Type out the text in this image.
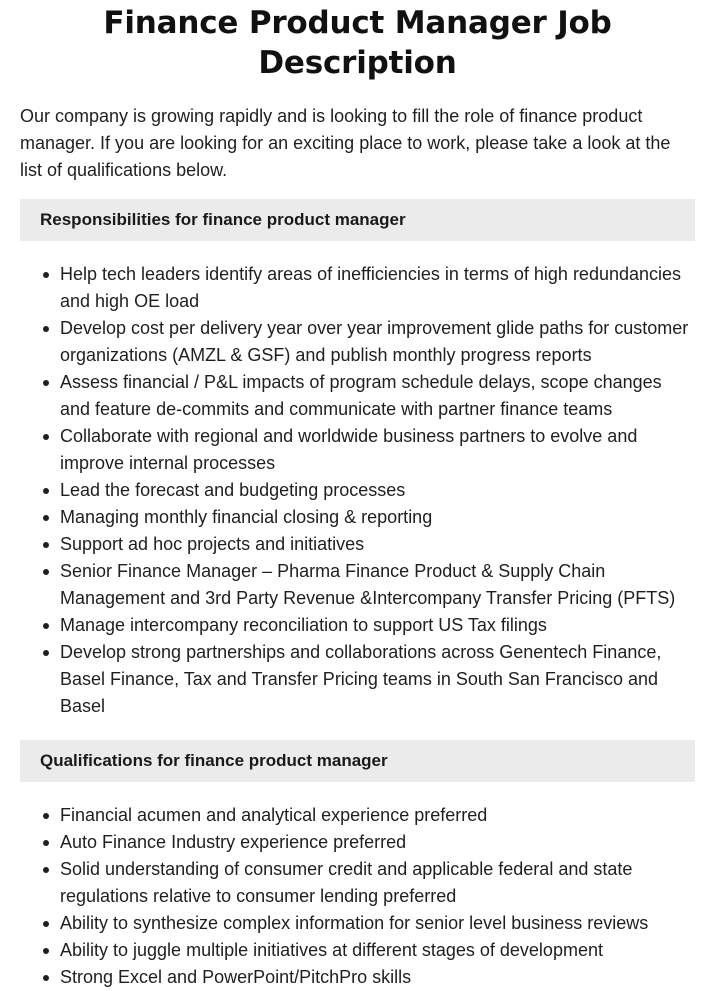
Finance Product Manager Job Description

Our company is growing rapidly and is looking to fill the role of finance product manager. If you are looking for an exciting place to work, please take a look at the list of qualifications below.

Responsibilities for finance product manager
Help tech leaders identify areas of inefficiencies in terms of high redundancies and high OE load
Develop cost per delivery year over year improvement glide paths for customer organizations (AMZL & GSF) and publish monthly progress reports
Assess financial / P&L impacts of program schedule delays, scope changes and feature de-commits and communicate with partner finance teams
Collaborate with regional and worldwide business partners to evolve and improve internal processes
Lead the forecast and budgeting processes
Managing monthly financial closing & reporting
Support ad hoc projects and initiatives
Senior Finance Manager – Pharma Finance Product & Supply Chain Management and 3rd Party Revenue &Intercompany Transfer Pricing (PFTS)
Manage intercompany reconciliation to support US Tax filings
Develop strong partnerships and collaborations across Genentech Finance, Basel Finance, Tax and Transfer Pricing teams in South San Francisco and Basel
Qualifications for finance product manager
Financial acumen and analytical experience preferred
Auto Finance Industry experience preferred
Solid understanding of consumer credit and applicable federal and state regulations relative to consumer lending preferred
Ability to synthesize complex information for senior level business reviews
Ability to juggle multiple initiatives at different stages of development
Strong Excel and PowerPoint/PitchPro skills
